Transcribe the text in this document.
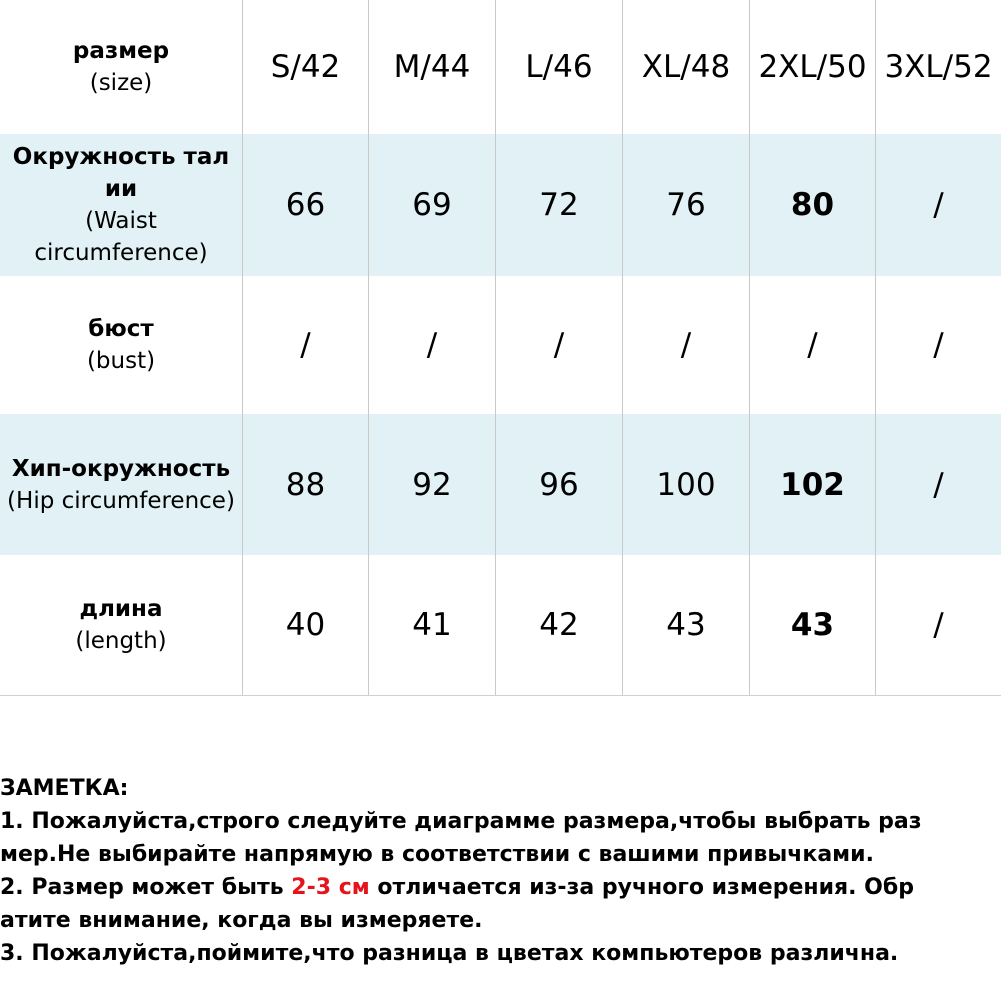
размер
(size)	S/42	M/44	L/46	XL/48 2XL/50 3XL/52
Окружность тал ии
(Waist circumference)
66	69	72	76	80	/
бюст
(bust)	/	/	/	/	/	/
Хип-окружность
(Hip circumference)	88	92	96	100	102	/
длина
(length)	40	41	42	43	43	/
ЗАМЕТКА:
1. Пожалуйста,строго следуйте диаграмме размера,чтобы выбрать раз
мер.Не выбирайте напрямую в соответствии с вашими привычками.
2. Размер может быть 2-3 см отличается из-за ручного измерения. Обр
атите внимание, когда вы измеряете.
3. Пожалуйста,поймите,что разница в цветах компьютеров различна.
